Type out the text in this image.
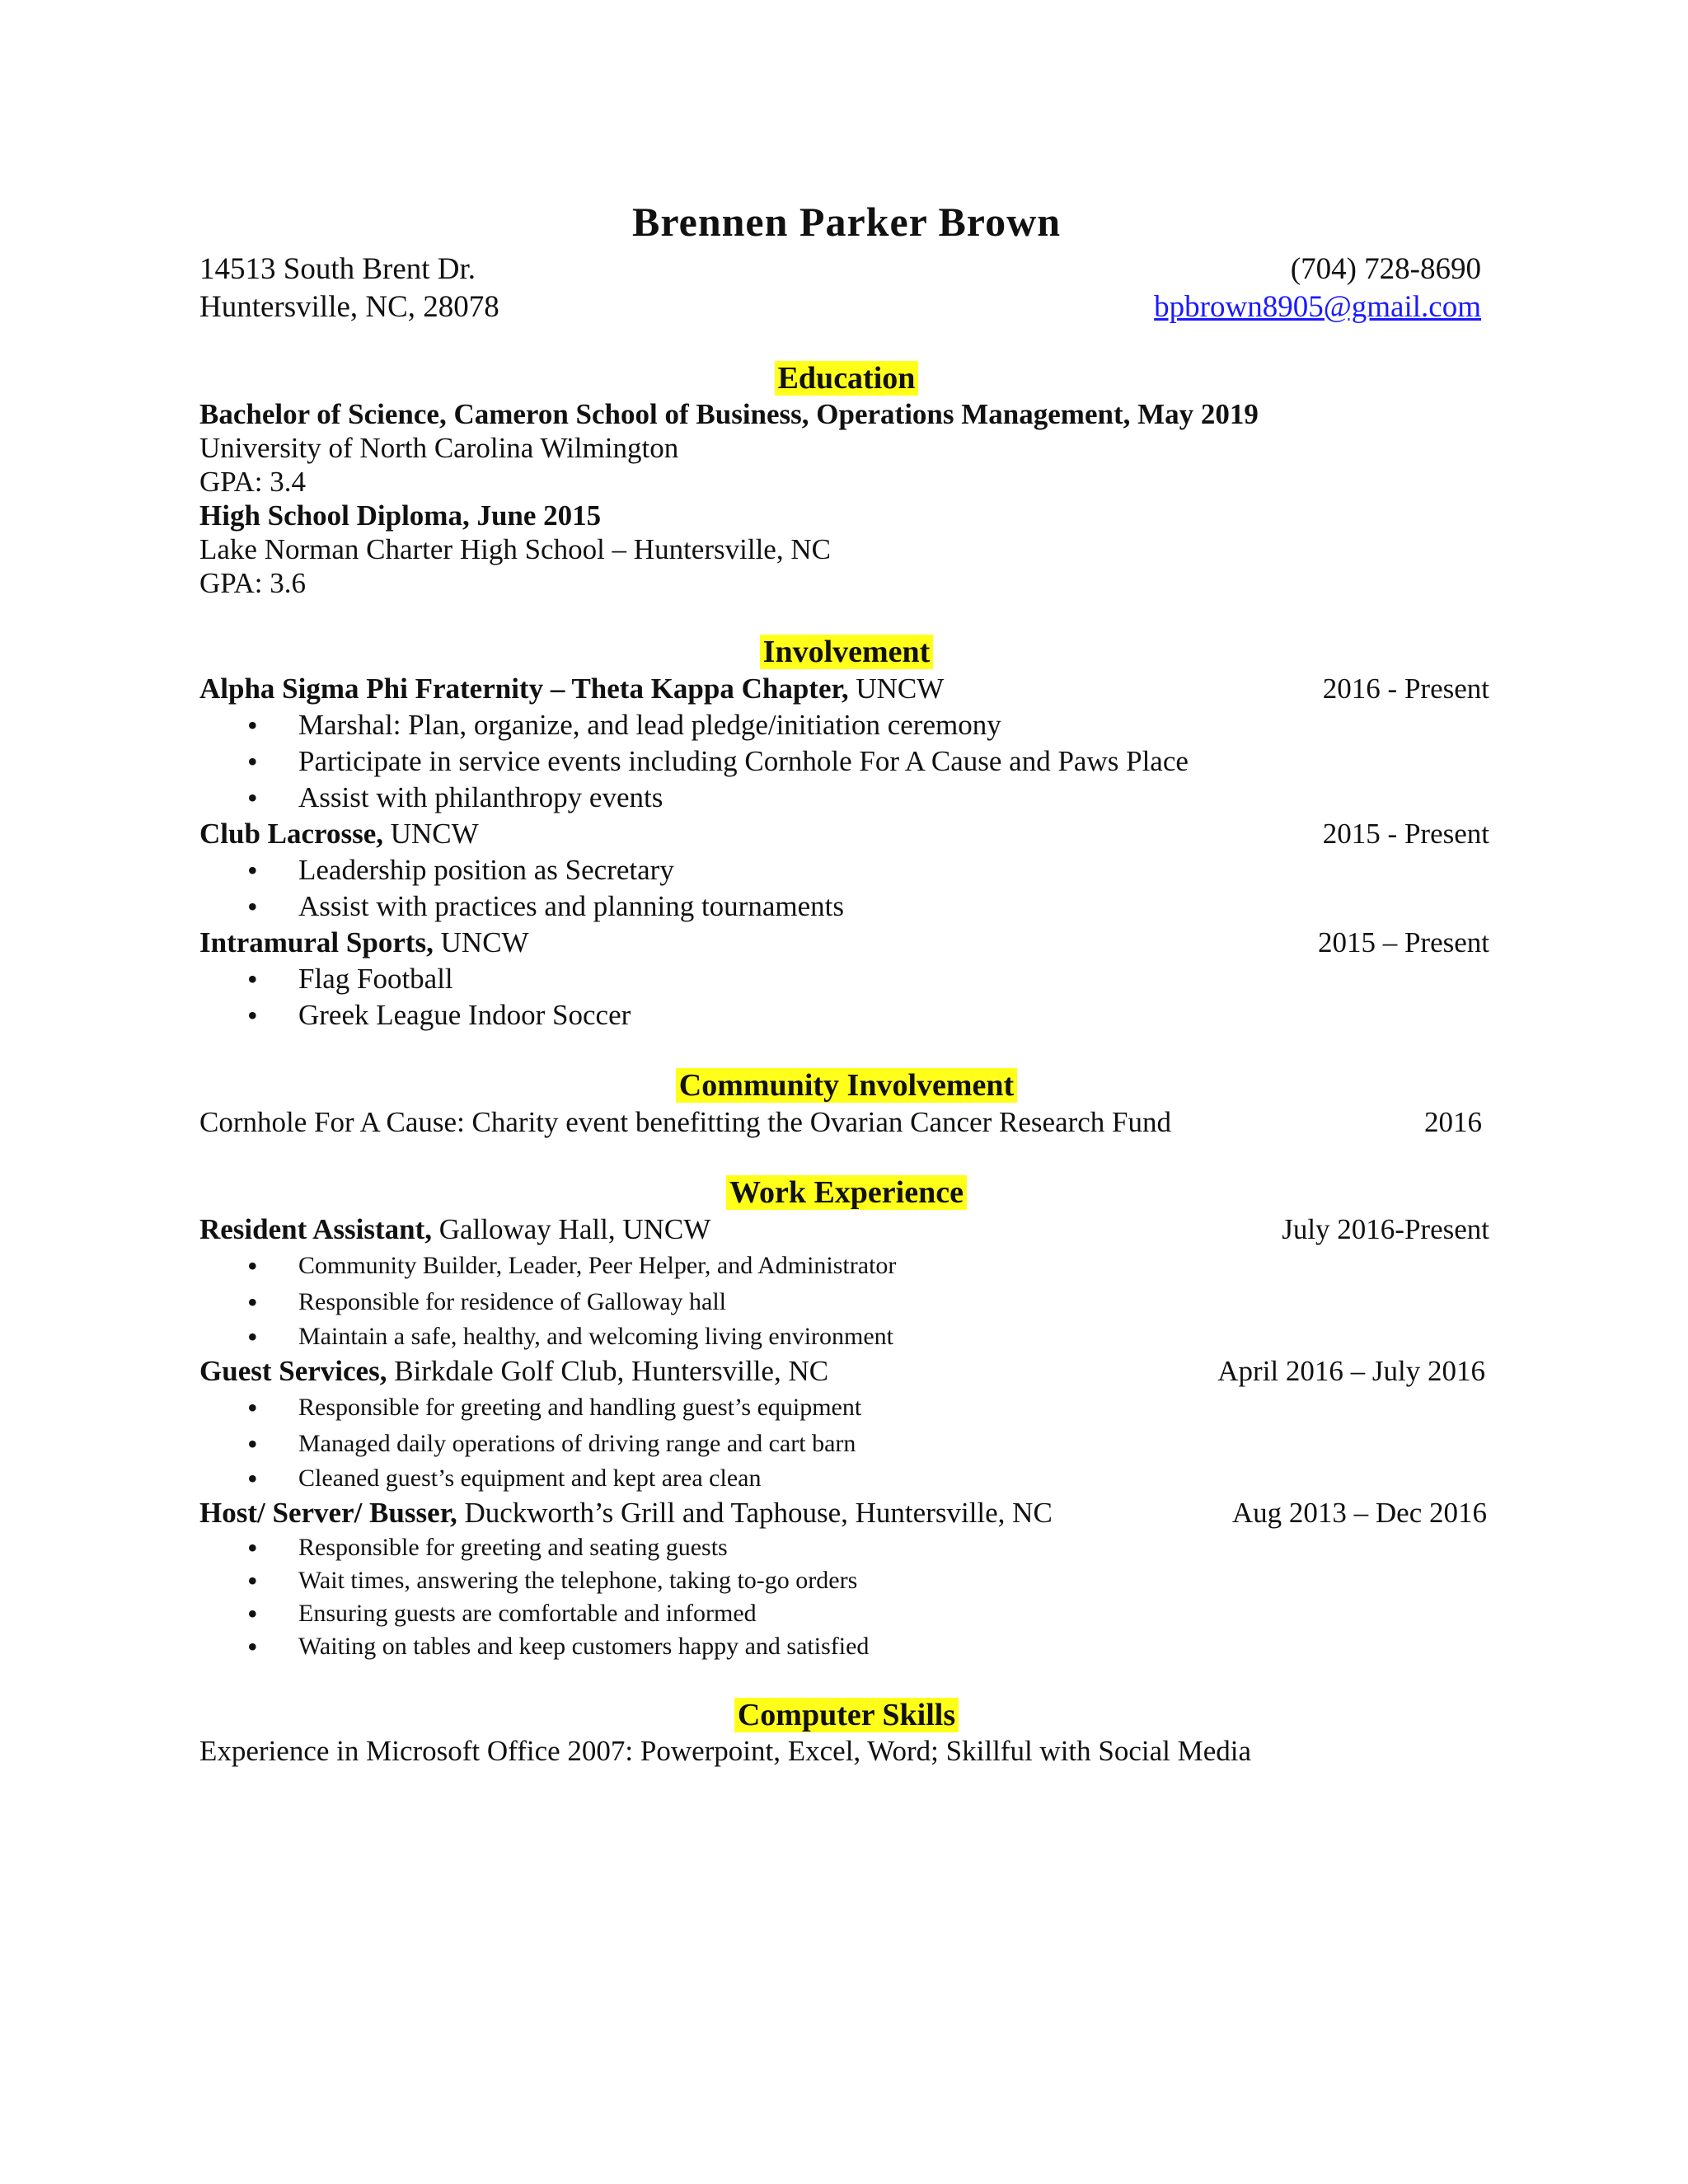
Brennen Parker Brown
14513 South Brent Dr.	(704) 728-8690
Huntersville, NC, 28078	bpbrown8905@gmail.com
Education
Bachelor of Science, Cameron School of Business, Operations Management, May 2019
University of North Carolina Wilmington
GPA: 3.4
High School Diploma, June 2015
Lake Norman Charter High School – Huntersville, NC
GPA: 3.6
Involvement
Alpha Sigma Phi Fraternity – Theta Kappa Chapter, UNCW	2016 - Present
• Marshal: Plan, organize, and lead pledge/initiation ceremony
• Participate in service events including Cornhole For A Cause and Paws Place
• Assist with philanthropy events
Club Lacrosse, UNCW	2015 - Present
• Leadership position as Secretary
• Assist with practices and planning tournaments
Intramural Sports, UNCW	2015 – Present
• Flag Football
• Greek League Indoor Soccer
Community Involvement
Cornhole For A Cause: Charity event benefitting the Ovarian Cancer Research Fund	2016
Work Experience
Resident Assistant, Galloway Hall, UNCW	July 2016-Present
• Community Builder, Leader, Peer Helper, and Administrator
• Responsible for residence of Galloway hall
• Maintain a safe, healthy, and welcoming living environment
Guest Services, Birkdale Golf Club, Huntersville, NC	April 2016 – July 2016
• Responsible for greeting and handling guest’s equipment
• Managed daily operations of driving range and cart barn
• Cleaned guest’s equipment and kept area clean
Host/ Server/ Busser, Duckworth’s Grill and Taphouse, Huntersville, NC	Aug 2013 – Dec 2016
• Responsible for greeting and seating guests
• Wait times, answering the telephone, taking to-go orders
• Ensuring guests are comfortable and informed
• Waiting on tables and keep customers happy and satisfied
Computer Skills
Experience in Microsoft Office 2007: Powerpoint, Excel, Word; Skillful with Social Media
